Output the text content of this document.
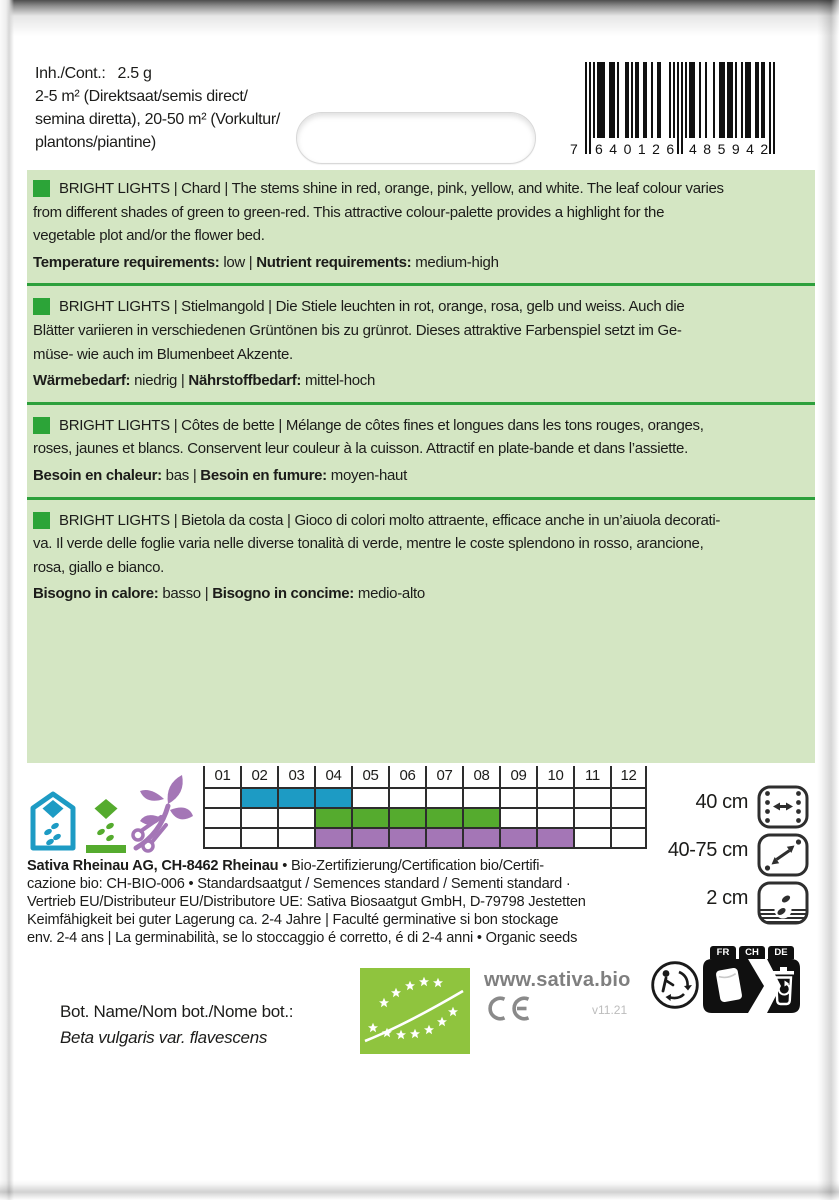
Inh./Cont.: 2.5 g
2-5 m² (Direktsaat/semis direct/
semina diretta), 20-50 m² (Vorkultur/
plantons/piantine)	7 640126 485942
BRIGHT LIGHTS | Chard | The stems shine in red, orange, pink, yellow, and white. The leaf colour varies
from different shades of green to green-red. This attractive colour-palette provides a highlight for the
vegetable plot and/or the flower bed.
Temperature requirements: low | Nutrient requirements: medium-high
BRIGHT LIGHTS | Stielmangold | Die Stiele leuchten in rot, orange, rosa, gelb und weiss. Auch die
Blätter variieren in verschiedenen Grüntönen bis zu grünrot. Dieses attraktive Farbenspiel setzt im Ge-
müse- wie auch im Blumenbeet Akzente.
Wärmebedarf: niedrig | Nährstoffbedarf: mittel-hoch
BRIGHT LIGHTS | Côtes de bette | Mélange de côtes fines et longues dans les tons rouges, oranges,
roses, jaunes et blancs. Conservent leur couleur à la cuisson. Attractif en plate-bande et dans l’assiette.
Besoin en chaleur: bas | Besoin en fumure: moyen-haut
BRIGHT LIGHTS | Bietola da costa | Gioco di colori molto attraente, efficace anche in un’aiuola decorati-
va. Il verde delle foglie varia nelle diverse tonalità di verde, mentre le coste splendono in rosso, arancione,
rosa, giallo e bianco.
Bisogno in calore: basso | Bisogno in concime: medio-alto
01	02	03	04	05	06	07	08	09	10	11	12
40 cm
40-75 cm
2 cm
Sativa Rheinau AG, CH-8462 Rheinau • Bio-Zertifizierung/Certification bio/Certifi-
cazione bio: CH-BIO-006 • Standardsaatgut / Semences standard / Sementi standard ·
Vertrieb EU/Distributeur EU/Distributore UE: Sativa Biosaatgut GmbH, D-79798 Jestetten
Keimfähigkeit bei guter Lagerung ca. 2-4 Jahre | Faculté germinative si bon stockage
env. 2-4 ans | La germinabilità, se lo stoccaggio é corretto, é di 2-4 anni • Organic seeds
Bot. Name/Nom bot./Nome bot.:
Beta vulgaris var. flavescens
www.sativa.bio
v11.21
FR	CH	DE
